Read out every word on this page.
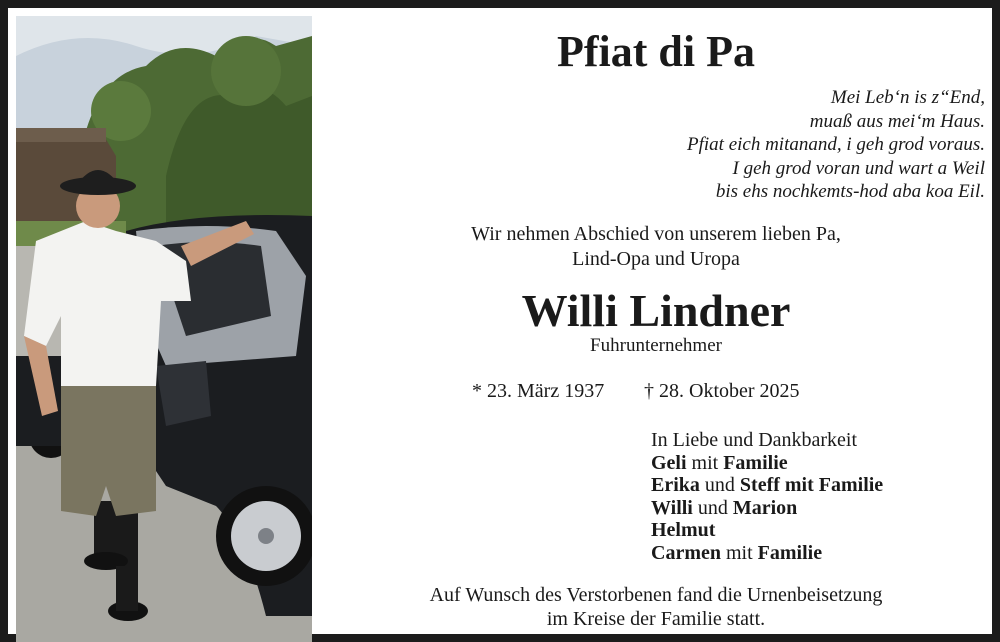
Pfiat di Pa
Mei Leb‘n is z“End,
muaß aus mei‘m Haus.
Pfiat eich mitanand, i geh grod voraus.
I geh grod voran und wart a Weil
bis ehs nochkemts-hod aba koa Eil.
Wir nehmen Abschied von unserem lieben Pa,
Lind-Opa und Uropa
Willi Lindner
Fuhrunternehmer
* 23. März 1937 † 28. Oktober 2025
In Liebe und Dankbarkeit
Geli mit Familie
Erika und Steff mit Familie
Willi und Marion
Helmut
Carmen mit Familie
Auf Wunsch des Verstorbenen fand die Urnenbeisetzung
im Kreise der Familie statt.
